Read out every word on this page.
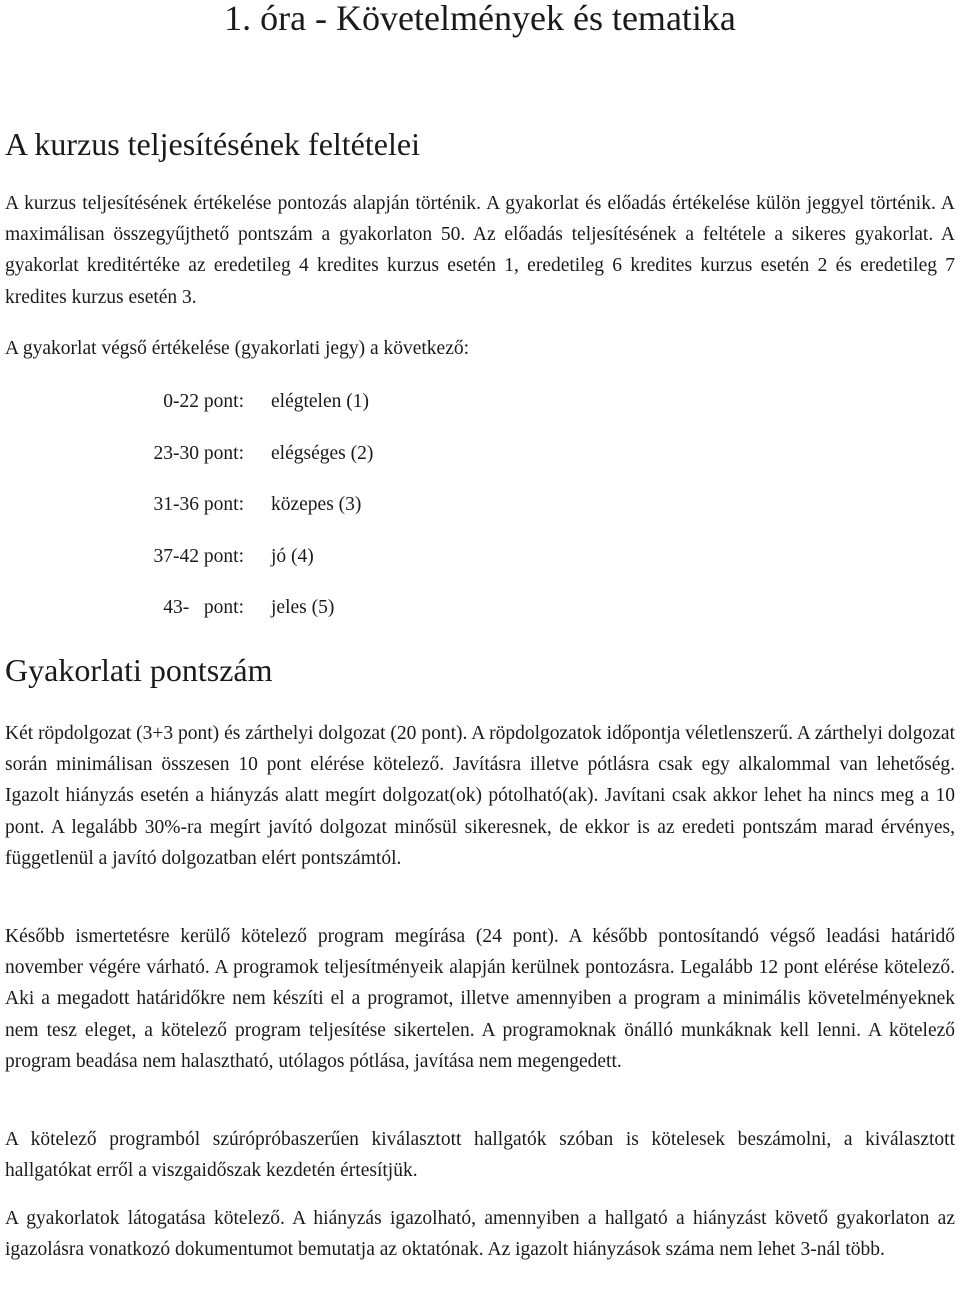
1. óra - Követelmények és tematika
A kurzus teljesítésének feltételei

A kurzus teljesítésének értékelése pontozás alapján történik. A gyakorlat és előadás értékelése külön jeggyel történik. A maximálisan összegyűjthető pontszám a gyakorlaton 50. Az előadás teljesítésének a feltétele a sikeres gyakorlat. A gyakorlat kreditértéke az eredetileg 4 kredites kurzus esetén 1, eredetileg 6 kredites kurzus esetén 2 és eredetileg 7 kredites kurzus esetén 3.

A gyakorlat végső értékelése (gyakorlati jegy) a következő:

0-22 pont: elégtelen (1)
23-30 pont: elégséges (2)
31-36 pont: közepes (3)
37-42 pont: jó (4)
43-   pont: jeles (5)
Gyakorlati pontszám

Két röpdolgozat (3+3 pont) és zárthelyi dolgozat (20 pont). A röpdolgozatok időpontja véletlenszerű. A zárthelyi dolgozat során minimálisan összesen 10 pont elérése kötelező. Javításra illetve pótlásra csak egy alkalommal van lehetőség. Igazolt hiányzás esetén a hiányzás alatt megírt dolgozat(ok) pótolható(ak). Javítani csak akkor lehet ha nincs meg a 10 pont. A legalább 30%-ra megírt javító dolgozat minősül sikeresnek, de ekkor is az eredeti pontszám marad érvényes, függetlenül a javító dolgozatban elért pontszámtól.

Később ismertetésre kerülő kötelező program megírása (24 pont). A később pontosítandó végső leadási határidő november végére várható. A programok teljesítményeik alapján kerülnek pontozásra. Legalább 12 pont elérése kötelező. Aki a megadott határidőkre nem készíti el a programot, illetve amennyiben a program a minimális követelményeknek nem tesz eleget, a kötelező program teljesítése sikertelen. A programoknak önálló munkáknak kell lenni. A kötelező program beadása nem halasztható, utólagos pótlása, javítása nem megengedett.

A kötelező programból szúrópróbaszerűen kiválasztott hallgatók szóban is kötelesek beszámolni, a kiválasztott hallgatókat erről a viszgaidőszak kezdetén értesítjük.

A gyakorlatok látogatása kötelező. A hiányzás igazolható, amennyiben a hallgató a hiányzást követő gyakorlaton az igazolásra vonatkozó dokumentumot bemutatja az oktatónak. Az igazolt hiányzások száma nem lehet 3-nál több.
